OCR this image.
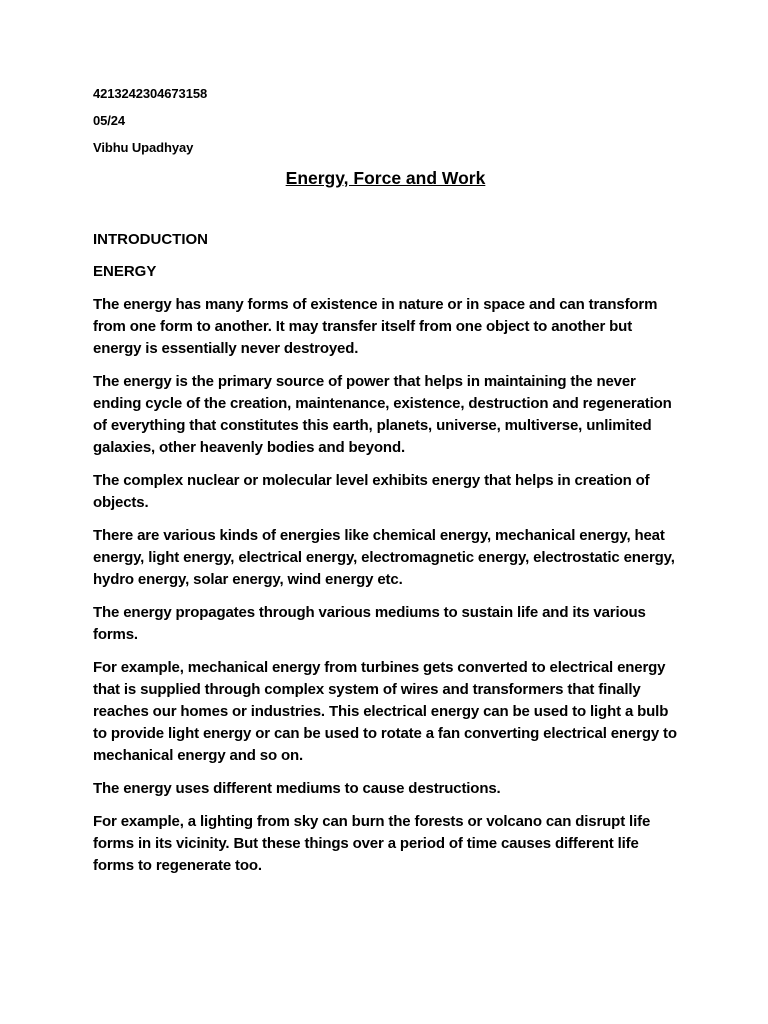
4213242304673158
05/24
Vibhu Upadhyay
Energy, Force and Work
INTRODUCTION
ENERGY

The energy has many forms of existence in nature or in space and can transform from one form to another. It may transfer itself from one object to another but energy is essentially never destroyed.

The energy is the primary source of power that helps in maintaining the never ending cycle of the creation, maintenance, existence, destruction and regeneration of everything that constitutes this earth, planets, universe, multiverse, unlimited galaxies, other heavenly bodies and beyond.

The complex nuclear or molecular level exhibits energy that helps in creation of objects.

There are various kinds of energies like chemical energy, mechanical energy, heat energy, light energy, electrical energy, electromagnetic energy, electrostatic energy, hydro energy, solar energy, wind energy etc.

The energy propagates through various mediums to sustain life and its various forms.

For example, mechanical energy from turbines gets converted to electrical energy that is supplied through complex system of wires and transformers that finally reaches our homes or industries. This electrical energy can be used to light a bulb to provide light energy or can be used to rotate a fan converting electrical energy to mechanical energy and so on.

The energy uses different mediums to cause destructions.

For example, a lighting from sky can burn the forests or volcano can disrupt life forms in its vicinity. But these things over a period of time causes different life forms to regenerate too.
